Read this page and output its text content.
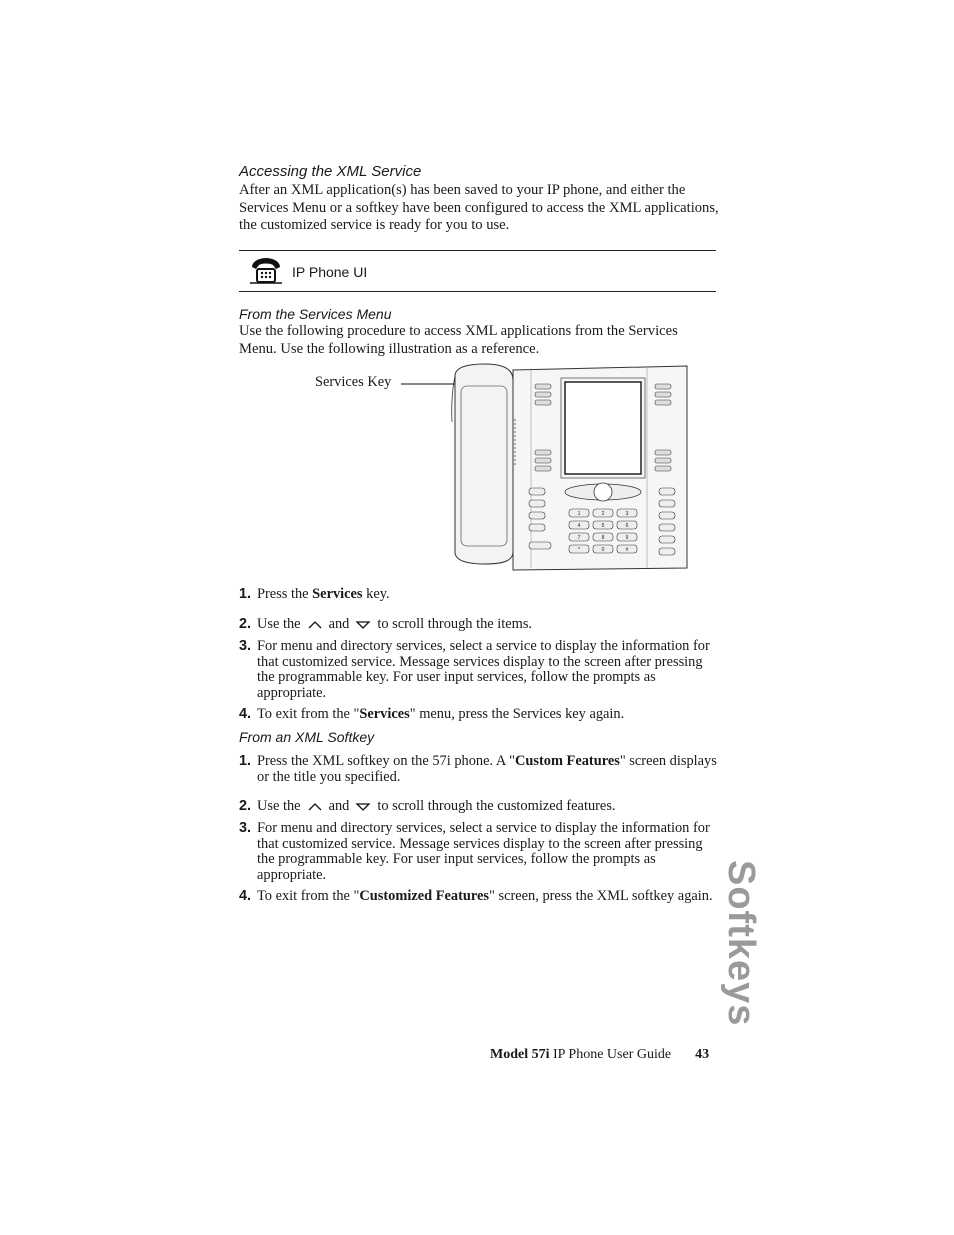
Accessing the XML Service
After an XML application(s) has been saved to your IP phone, and either the Services Menu or a softkey have been configured to access the XML applications, the customized service is ready for you to use.
IP Phone UI
From the Services Menu
Use the following procedure to access XML applications from the Services Menu. Use the following illustration as a reference.
Services Key
1	2	3
4	5	6
7	8	9
*	0	#
1. Press the Services key.
2. Use the and to scroll through the items.
3. For menu and directory services, select a service to display the information for that customized service. Message services display to the screen after pressing the programmable key. For user input services, follow the prompts as appropriate.
4. To exit from the "Services" menu, press the Services key again.
From an XML Softkey
1. Press the XML softkey on the 57i phone. A "Custom Features" screen displays or the title you specified.
2. Use the and to scroll through the customized features.
3. For menu and directory services, select a service to display the information for that customized service. Message services display to the screen after pressing the programmable key. For user input services, follow the prompts as appropriate.
4. To exit from the "Customized Features" screen, press the XML softkey again. Softkeys
Model 57i IP Phone User Guide 43
